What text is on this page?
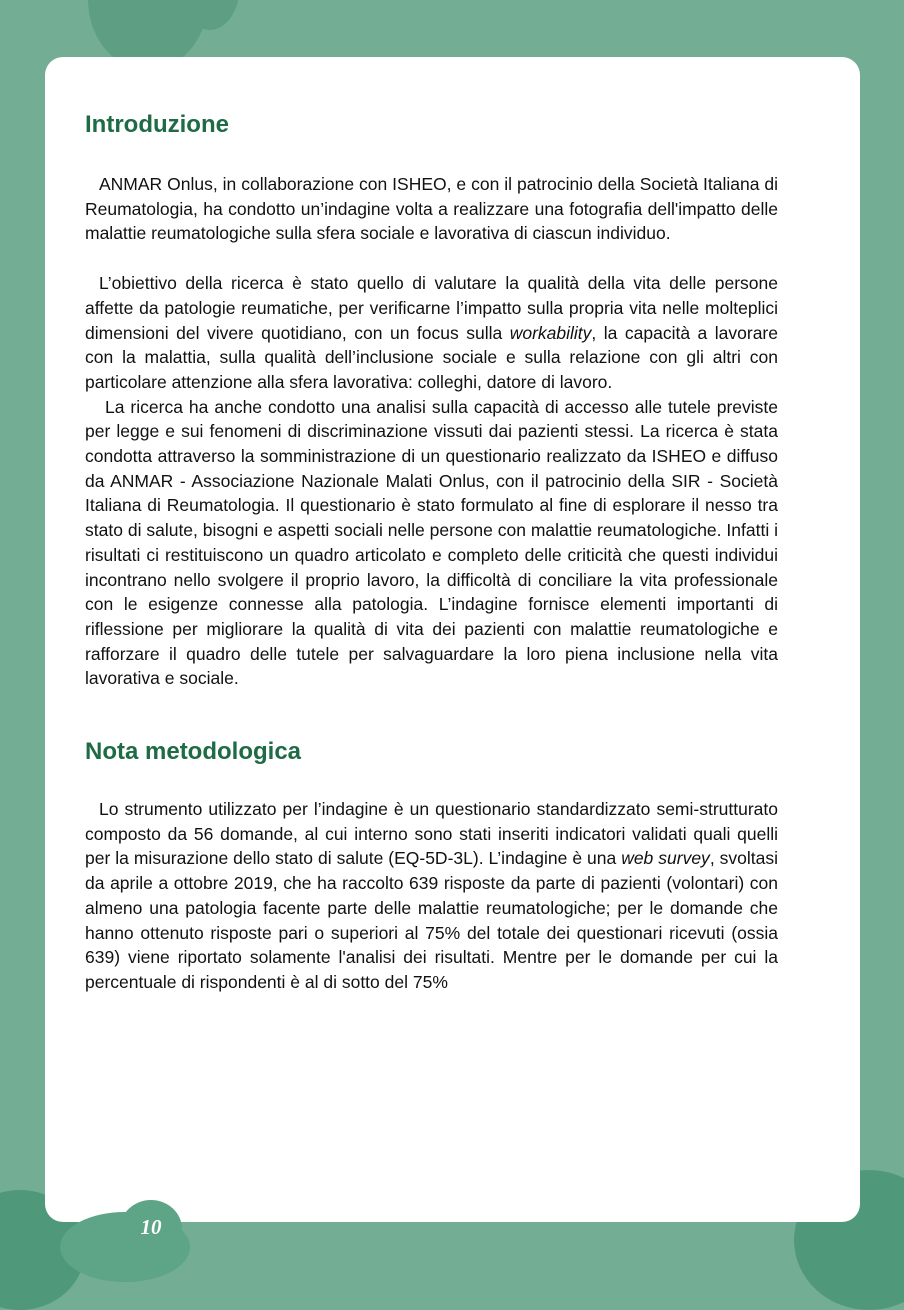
Introduzione

ANMAR Onlus, in collaborazione con ISHEO, e con il patrocinio della Società Italiana di Reumatologia, ha condotto un’indagine volta a realizzare una fotografia dell'impatto delle malattie reumatologiche sulla sfera sociale e lavorativa di ciascun individuo.

L’obiettivo della ricerca è stato quello di valutare la qualità della vita delle persone affette da patologie reumatiche, per verificarne l’impatto sulla propria vita nelle molteplici dimensioni del vivere quotidiano, con un focus sulla workability, la capacità a lavorare con la malattia, sulla qualità dell’inclusione sociale e sulla relazione con gli altri con particolare attenzione alla sfera lavorativa: colleghi, datore di lavoro.

La ricerca ha anche condotto una analisi sulla capacità di accesso alle tutele previste per legge e sui fenomeni di discriminazione vissuti dai pazienti stessi. La ricerca è stata condotta attraverso la somministrazione di un questionario realizzato da ISHEO e diffuso da ANMAR - Associazione Nazionale Malati Onlus, con il patrocinio della SIR - Società Italiana di Reumatologia. Il questionario è stato formulato al fine di esplorare il nesso tra stato di salute, bisogni e aspetti sociali nelle persone con malattie reumatologiche. Infatti i risultati ci restituiscono un quadro articolato e completo delle criticità che questi individui incontrano nello svolgere il proprio lavoro, la difficoltà di conciliare la vita professionale con le esigenze connesse alla patologia. L’indagine fornisce elementi importanti di riflessione per migliorare la qualità di vita dei pazienti con malattie reumatologiche e rafforzare il quadro delle tutele per salvaguardare la loro piena inclusione nella vita lavorativa e sociale.

Nota metodologica

Lo strumento utilizzato per l’indagine è un questionario standardizzato semi-strutturato composto da 56 domande, al cui interno sono stati inseriti indicatori validati quali quelli per la misurazione dello stato di salute (EQ-5D-3L). L’indagine è una web survey, svoltasi da aprile a ottobre 2019, che ha raccolto 639 risposte da parte di pazienti (volontari) con almeno una patologia facente parte delle malattie reumatologiche; per le domande che hanno ottenuto risposte pari o superiori al 75% del totale dei questionari ricevuti (ossia 639) viene riportato solamente l'analisi dei risultati. Mentre per le domande per cui la percentuale di rispondenti è al di sotto del 75%

10
